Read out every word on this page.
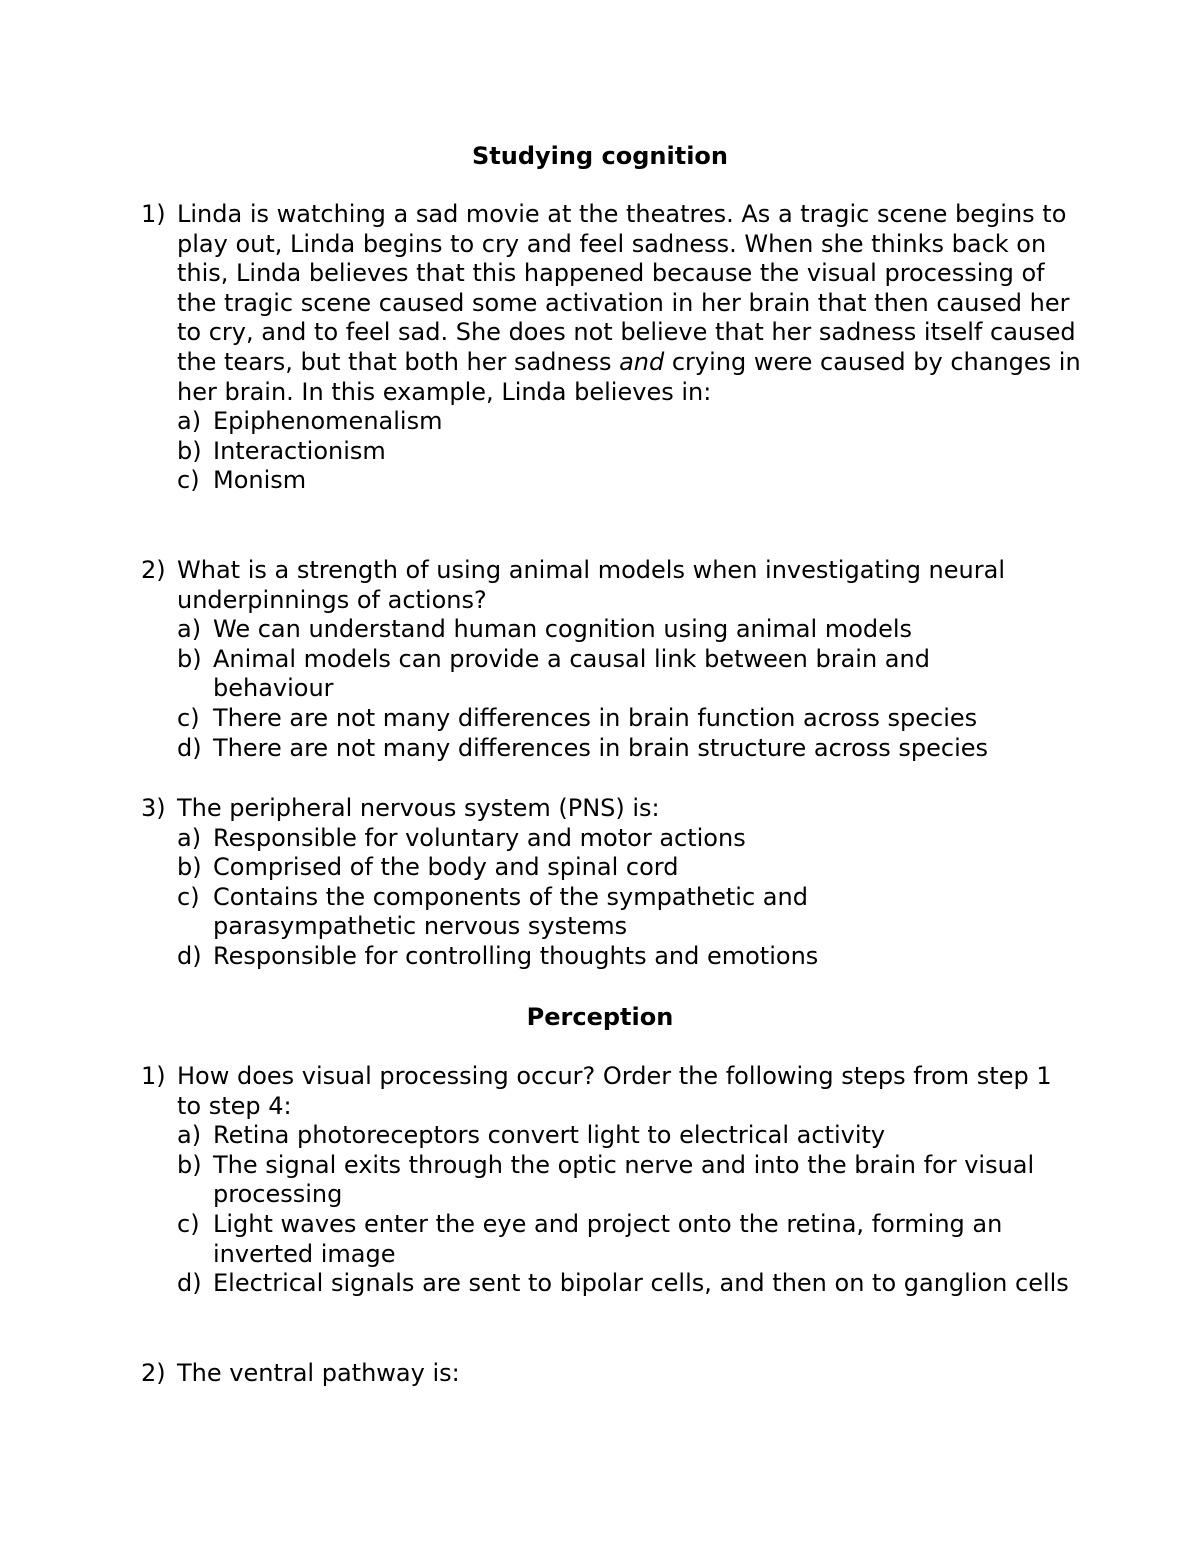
Studying cognition
1) Linda is watching a sad movie at the theatres. As a tragic scene begins to play out, Linda begins to cry and feel sadness. When she thinks back on this, Linda believes that this happened because the visual processing of the tragic scene caused some activation in her brain that then caused her to cry, and to feel sad. She does not believe that her sadness itself caused the tears, but that both her sadness and crying were caused by changes in her brain. In this example, Linda believes in:
a) Epiphenomenalism
b) Interactionism
c) Monism
2) What is a strength of using animal models when investigating neural underpinnings of actions?
a) We can understand human cognition using animal models
b) Animal models can provide a causal link between brain and behaviour
c) There are not many differences in brain function across species
d) There are not many differences in brain structure across species
3) The peripheral nervous system (PNS) is:
a) Responsible for voluntary and motor actions
b) Comprised of the body and spinal cord
c) Contains the components of the sympathetic and parasympathetic nervous systems
d) Responsible for controlling thoughts and emotions
Perception
1) How does visual processing occur? Order the following steps from step 1 to step 4:
a) Retina photoreceptors convert light to electrical activity
b) The signal exits through the optic nerve and into the brain for visual processing
c) Light waves enter the eye and project onto the retina, forming an inverted image
d) Electrical signals are sent to bipolar cells, and then on to ganglion cells
2) The ventral pathway is:
